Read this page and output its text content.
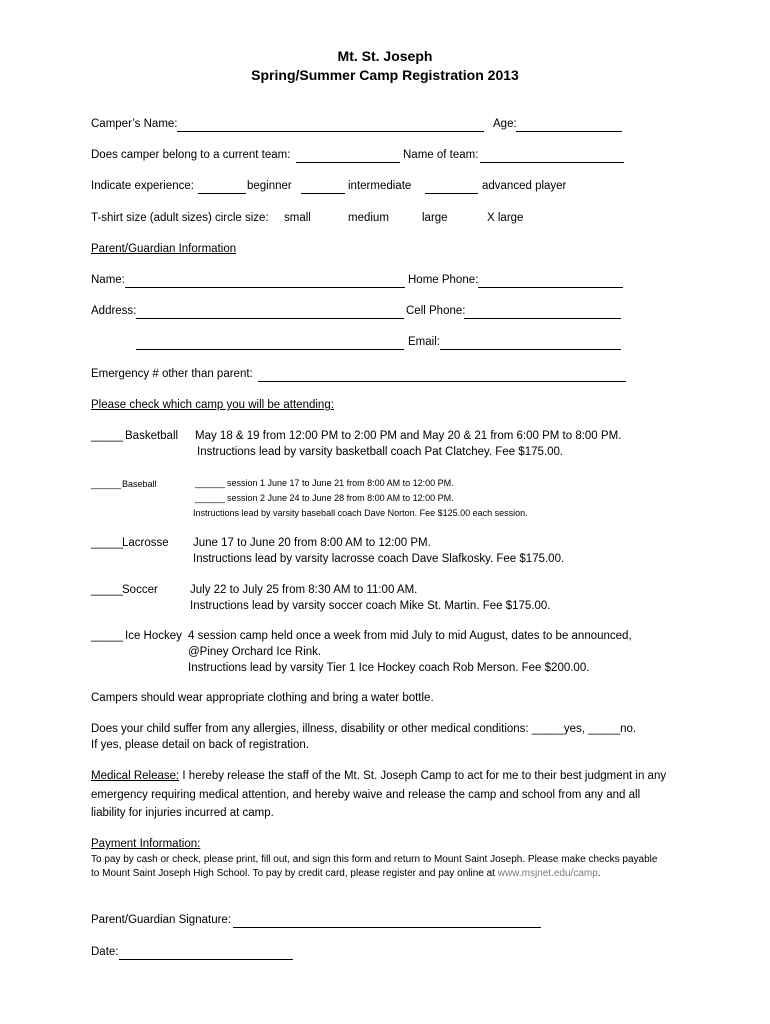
Mt. St. Joseph
Spring/Summer Camp Registration 2013
Camper’s Name:	Age:
Does camper belong to a current team:	Name of team:
Indicate experience:	beginner	intermediate	advanced player
T-shirt size (adult sizes) circle size: small	medium	large	X large
Parent/Guardian Information
Name:	Home Phone:
Address:	Cell Phone:
Email:
Emergency # other than parent:
Please check which camp you will be attending:
_____ Basketball May 18 & 19 from 12:00 PM to 2:00 PM and May 20 & 21 from 6:00 PM to 8:00 PM.
Instructions lead by varsity basketball coach Pat Clatchey. Fee $175.00.
______ Baseball	______ session 1 June 17 to June 21 from 8:00 AM to 12:00 PM.
______ session 2 June 24 to June 28 from 8:00 AM to 12:00 PM.
Instructions lead by varsity baseball coach Dave Norton. Fee $125.00 each session.
_____ Lacrosse June 17 to June 20 from 8:00 AM to 12:00 PM.
Instructions lead by varsity lacrosse coach Dave Slafkosky. Fee $175.00.
_____ Soccer	July 22 to July 25 from 8:30 AM to 11:00 AM.
Instructions lead by varsity soccer coach Mike St. Martin. Fee $175.00.
_____ Ice Hockey 4 session camp held once a week from mid July to mid August, dates to be announced,
@Piney Orchard Ice Rink.
Instructions lead by varsity Tier 1 Ice Hockey coach Rob Merson. Fee $200.00.
Campers should wear appropriate clothing and bring a water bottle.
Does your child suffer from any allergies, illness, disability or other medical conditions: _____yes, _____no.
If yes, please detail on back of registration.
Medical Release: I hereby release the staff of the Mt. St. Joseph Camp to act for me to their best judgment in any
emergency requiring medical attention, and hereby waive and release the camp and school from any and all
liability for injuries incurred at camp.
Payment Information:
To pay by cash or check, please print, fill out, and sign this form and return to Mount Saint Joseph. Please make checks payable
to Mount Saint Joseph High School. To pay by credit card, please register and pay online at www.msjnet.edu/camp.
Parent/Guardian Signature:
Date:
